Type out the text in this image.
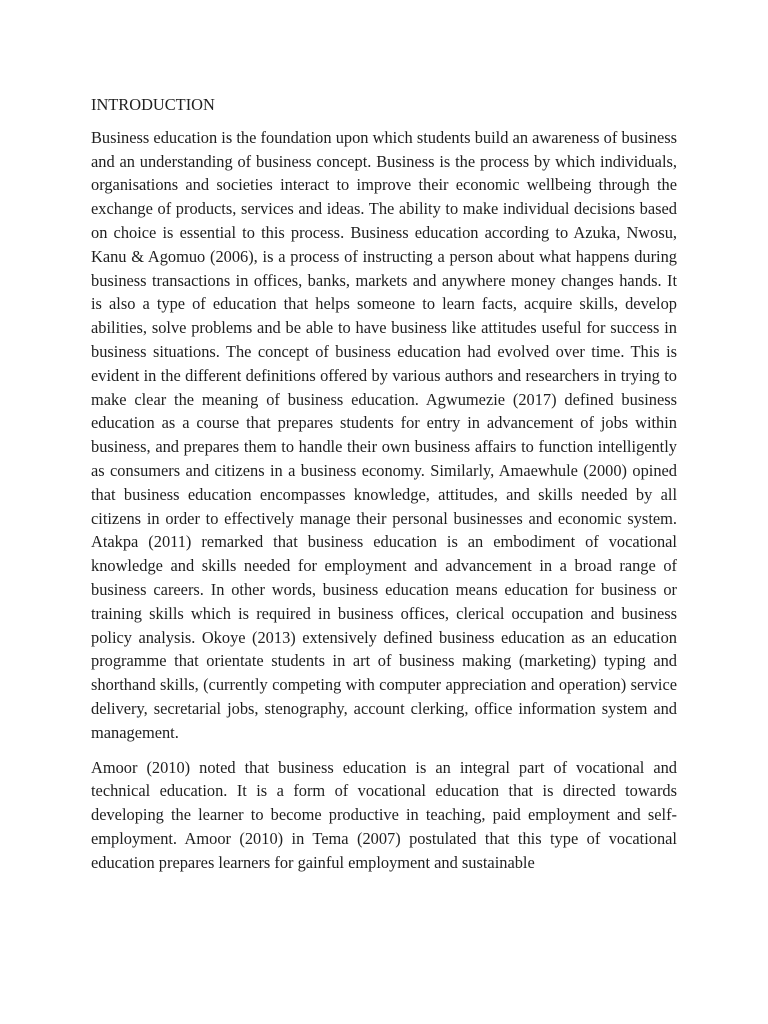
INTRODUCTION

Business education is the foundation upon which students build an awareness of business and an understanding of business concept. Business is the process by which individuals, organisations and societies interact to improve their economic wellbeing through the exchange of products, services and ideas. The ability to make individual decisions based on choice is essential to this process. Business education according to Azuka, Nwosu, Kanu & Agomuo (2006), is a process of instructing a person about what happens during business transactions in offices, banks, markets and anywhere money changes hands. It is also a type of education that helps someone to learn facts, acquire skills, develop abilities, solve problems and be able to have business like attitudes useful for success in business situations. The concept of business education had evolved over time. This is evident in the different definitions offered by various authors and researchers in trying to make clear the meaning of business education. Agwumezie (2017) defined business education as a course that prepares students for entry in advancement of jobs within business, and prepares them to handle their own business affairs to function intelligently as consumers and citizens in a business economy. Similarly, Amaewhule (2000) opined that business education encompasses knowledge, attitudes, and skills needed by all citizens in order to effectively manage their personal businesses and economic system. Atakpa (2011) remarked that business education is an embodiment of vocational knowledge and skills needed for employment and advancement in a broad range of business careers. In other words, business education means education for business or training skills which is required in business offices, clerical occupation and business policy analysis. Okoye (2013) extensively defined business education as an education programme that orientate students in art of business making (marketing) typing and shorthand skills, (currently competing with computer appreciation and operation) service delivery, secretarial jobs, stenography, account clerking, office information system and management.

Amoor (2010) noted that business education is an integral part of vocational and technical education. It is a form of vocational education that is directed towards developing the learner to become productive in teaching, paid employment and self-employment. Amoor (2010) in Tema (2007) postulated that this type of vocational education prepares learners for gainful employment and sustainable
